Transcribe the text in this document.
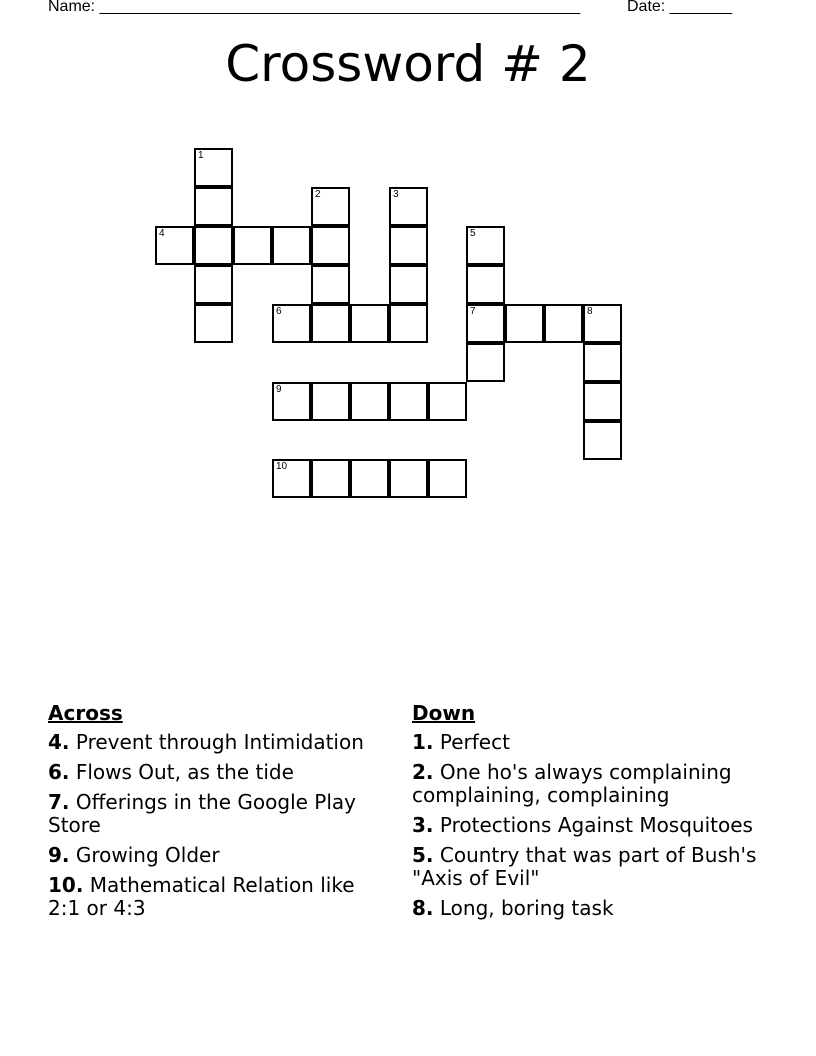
Name: ______________________________________________________	Date: _______
Crossword # 2
1
4
2	3
6
5
7	8
9
10
Across
4. Prevent through Intimidation
6. Flows Out, as the tide
7. Offerings in the Google Play Store
9. Growing Older
10. Mathematical Relation like 2:1 or 4:3
Down
1. Perfect
2. One ho's always complaining complaining, complaining
3. Protections Against Mosquitoes
5. Country that was part of Bush's "Axis of Evil"
8. Long, boring task
